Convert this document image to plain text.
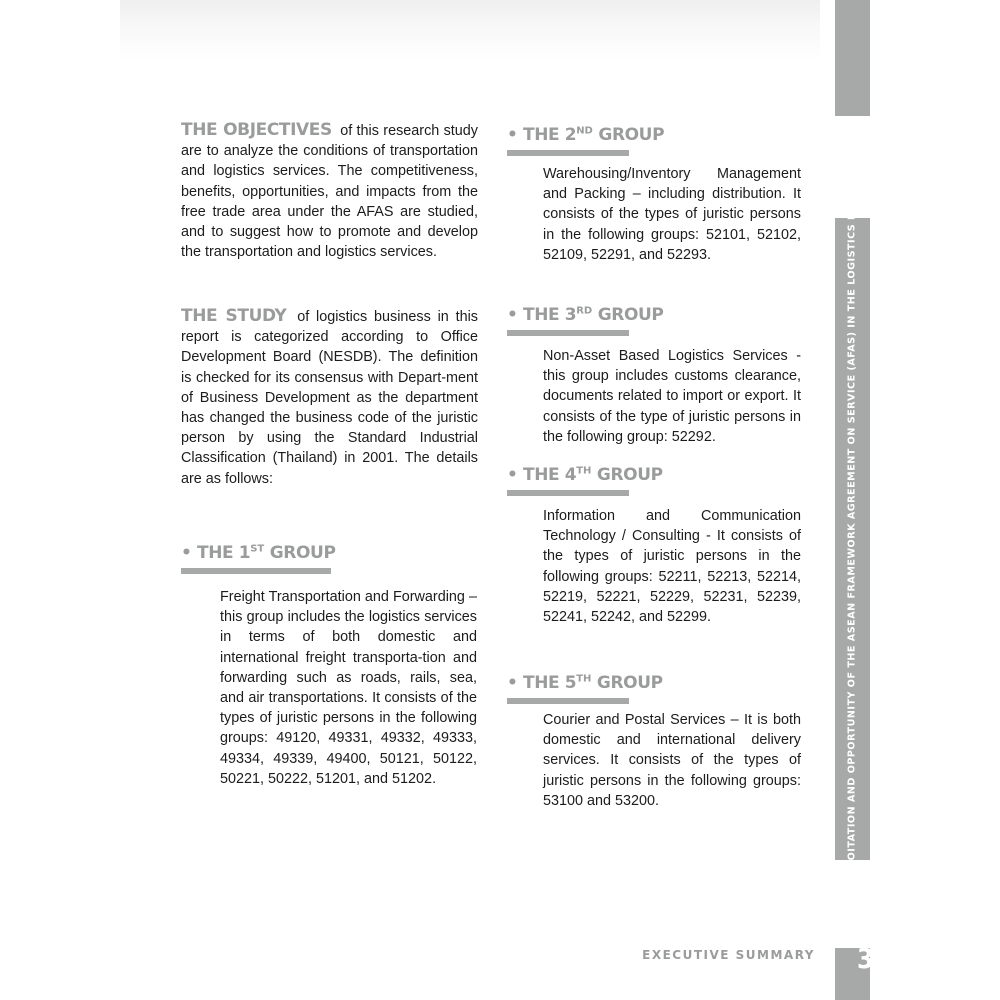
THE EXPLOITATION AND OPPORTUNITY OF THE ASEAN FRAMEWORK AGREEMENT ON SERVICE (AFAS) IN THE LOGISTICS BUSINESS
THE OBJECTIVES of this research study are to analyze the conditions of transportation and logistics services. The competitiveness, benefits, opportunities, and impacts from the free trade area under the AFAS are studied, and to suggest how to promote and develop the transportation and logistics services.
THE STUDY of logistics business in this report is categorized according to Office Development Board (NESDB). The definition is checked for its consensus with Depart-ment of Business Development as the department has changed the business code of the juristic person by using the Standard Industrial Classification (Thailand) in 2001. The details are as follows:
• THE 1ST GROUP
Freight Transportation and Forwarding – this group includes the logistics services in terms of both domestic and international freight transporta-tion and forwarding such as roads, rails, sea, and air transportations. It consists of the types of juristic persons in the following groups: 49120, 49331, 49332, 49333, 49334, 49339, 49400, 50121, 50122, 50221, 50222, 51201, and 51202.
• THE 2ND GROUP
Warehousing/Inventory Management and Packing – including distribution. It consists of the types of juristic persons in the following groups: 52101, 52102, 52109, 52291, and 52293.
• THE 3RD GROUP
Non-Asset Based Logistics Services - this group includes customs clearance, documents related to import or export. It consists of the type of juristic persons in the following group: 52292.
• THE 4TH GROUP
Information and Communication Technology / Consulting - It consists of the types of juristic persons in the following groups: 52211, 52213, 52214, 52219, 52221, 52229, 52231, 52239, 52241, 52242, and 52299.
• THE 5TH GROUP
Courier and Postal Services – It is both domestic and international delivery services. It consists of the types of juristic persons in the following groups: 53100 and 53200.
EXECUTIVE SUMMARY 3
